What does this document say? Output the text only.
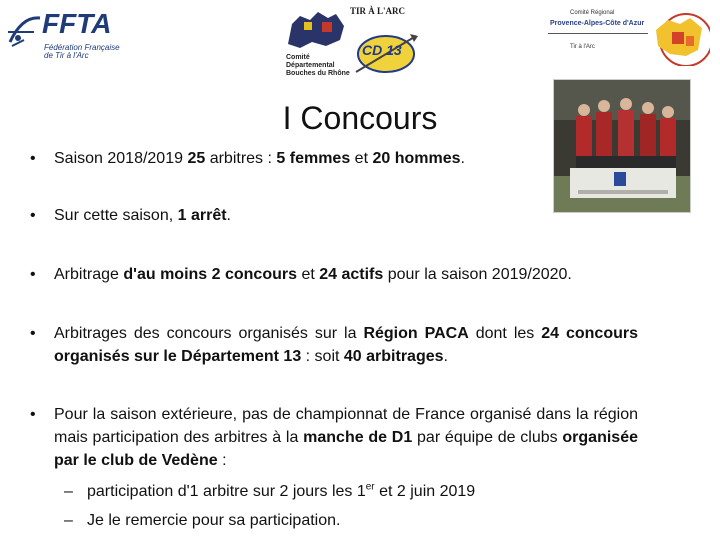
FFTA
Fédération Française
de Tir à l'Arc
TIR À L'ARC
Comité
Départemental
Bouches du Rhône
CD 13
Comité Régional
Provence-Alpes-Côte d'Azur
Tir à l'Arc
I Concours
•	Saison 2018/2019 25 arbitres : 5 femmes et 20 hommes.
•	Sur cette saison, 1 arrêt.
•	Arbitrage d'au moins 2 concours et 24 actifs pour la saison 2019/2020.
•	Arbitrages des concours organisés sur la Région PACA dont les 24 concours organisés sur le Département 13 : soit 40 arbitrages.
•	Pour la saison extérieure, pas de championnat de France organisé dans la région mais participation des arbitres à la manche de D1 par équipe de clubs organisée par le club de Vedène :
– participation d'1 arbitre sur 2 jours les 1er et 2 juin 2019
– Je le remercie pour sa participation.
